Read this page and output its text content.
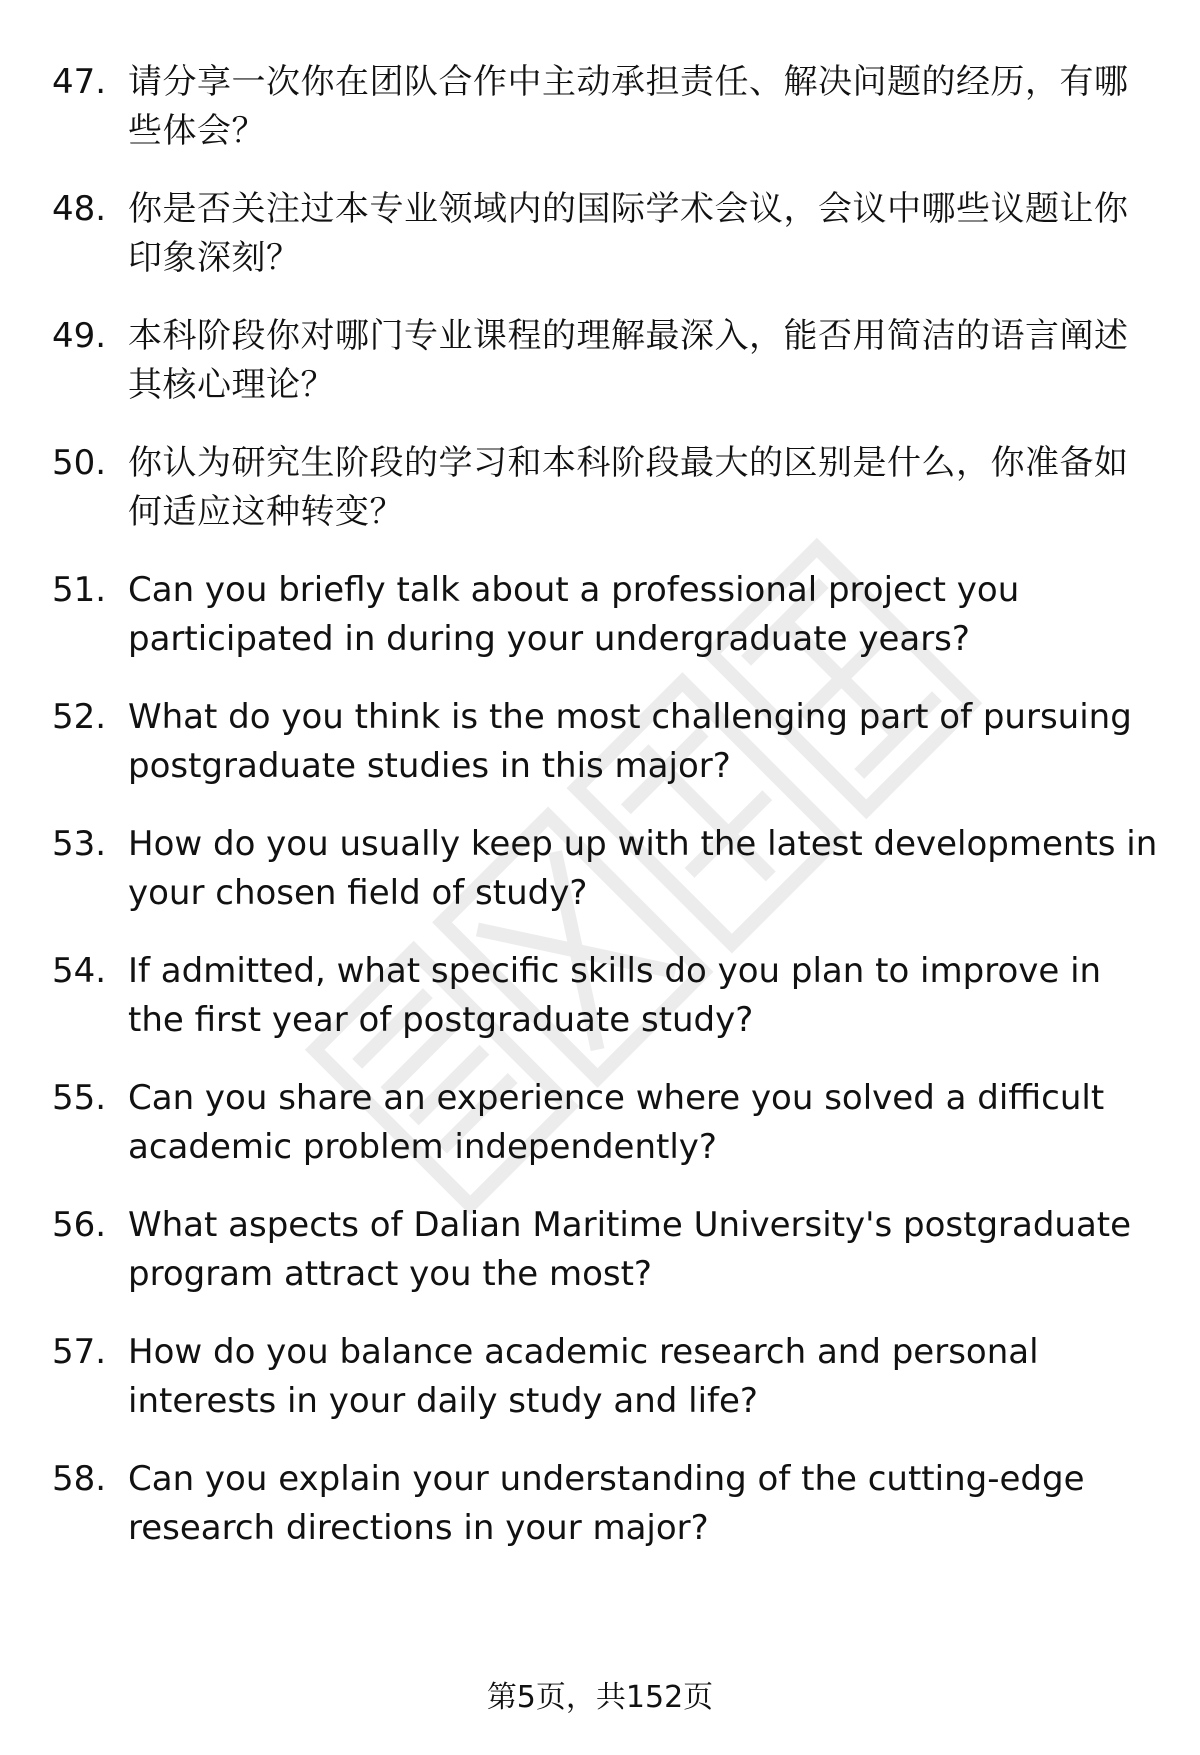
47. 请分享一次你在团队合作中主动承担责任、解决问题的经历，有哪些体会？
48. 你是否关注过本专业领域内的国际学术会议，会议中哪些议题让你印象深刻？
49. 本科阶段你对哪门专业课程的理解最深入，能否用简洁的语言阐述其核心理论？
50. 你认为研究生阶段的学习和本科阶段最大的区别是什么，你准备如何适应这种转变？
51. Can you briefly talk about a professional project you participated in during your undergraduate years?
52. What do you think is the most challenging part of pursuing postgraduate studies in this major?
53. How do you usually keep up with the latest developments in your chosen field of study?
54. If admitted, what specific skills do you plan to improve in the first year of postgraduate study?
55. Can you share an experience where you solved a difficult academic problem independently?
56. What aspects of Dalian Maritime University's postgraduate program attract you the most?
57. How do you balance academic research and personal interests in your daily study and life?
58. Can you explain your understanding of the cutting-edge research directions in your major?
第5页，共152页
